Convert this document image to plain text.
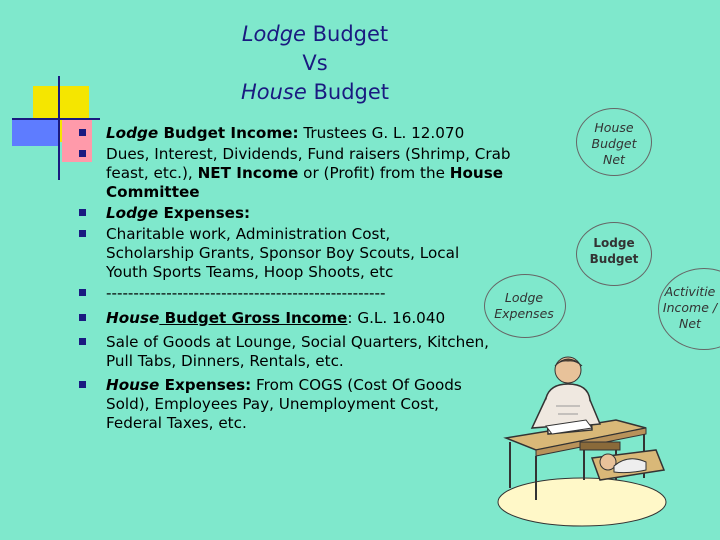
Lodge Budget
Vs
House Budget
Lodge Budget Income: Trustees G. L. 12.070
Dues, Interest, Dividends, Fund raisers (Shrimp, Crab feast, etc.), NET Income or (Profit) from the House Committee
Lodge Expenses:
Charitable work, Administration Cost, Scholarship Grants, Sponsor Boy Scouts, Local Youth Sports Teams, Hoop Shoots, etc
---------------------------------------------------
House Budget Gross Income: G.L. 16.040
Sale of Goods at Lounge, Social Quarters, Kitchen, Pull Tabs, Dinners, Rentals, etc.
House Expenses: From COGS (Cost Of Goods Sold), Employees Pay, Unemployment Cost, Federal Taxes, etc.
House Budget Net
Lodge Budget
Lodge Expenses
Activitie Income / Net
